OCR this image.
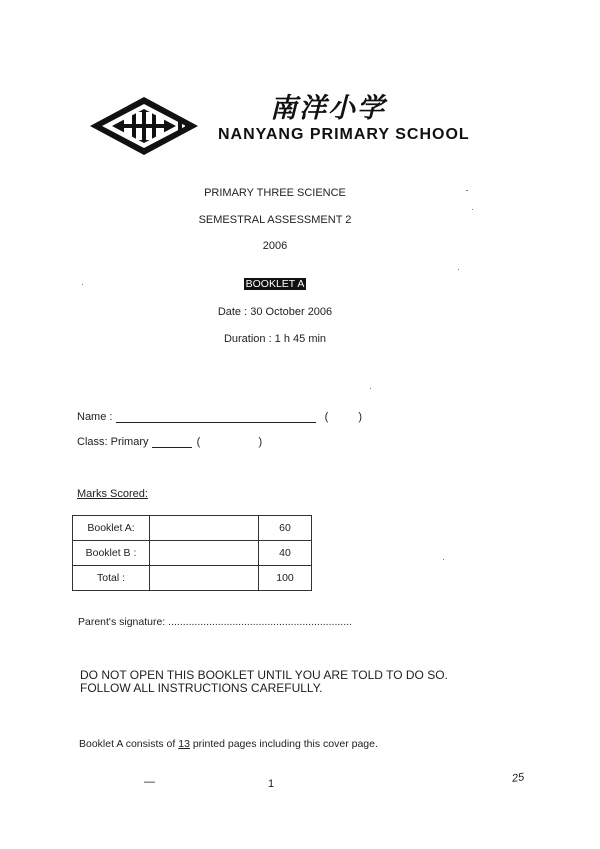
南洋小学
NANYANG PRIMARY SCHOOL
PRIMARY THREE SCIENCE
SEMESTRAL ASSESSMENT 2
2006
BOOKLET A
Date : 30 October 2006
Duration : 1 h 45 min
Name :	(	)
Class: Primary	(	)
Marks Scored:
Booklet A:		60
Booklet B :		40
Total :		100
Parent's signature: ...............................................................
DO NOT OPEN THIS BOOKLET UNTIL YOU ARE TOLD TO DO SO.
FOLLOW ALL INSTRUCTIONS CAREFULLY.
Booklet A consists of 13 printed pages including this cover page.
—	1	25
